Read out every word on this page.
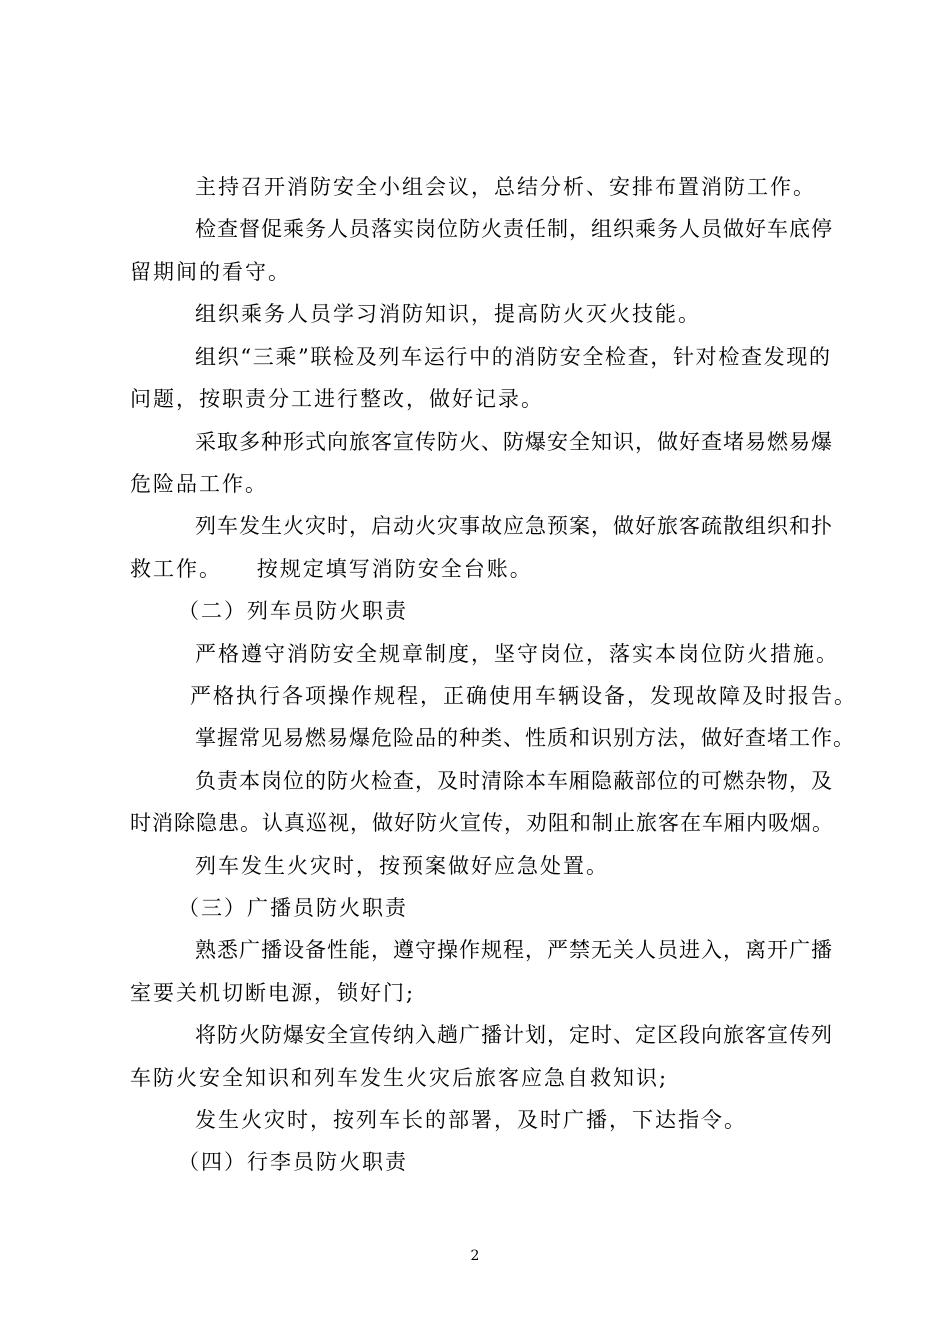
主持召开消防安全小组会议，总结分析、安排布置消防工作。
检查督促乘务人员落实岗位防火责任制，组织乘务人员做好车底停
留期间的看守。
组织乘务人员学习消防知识，提高防火灭火技能。
组织“三乘”联检及列车运行中的消防安全检查，针对检查发现的
问题，按职责分工进行整改，做好记录。
采取多种形式向旅客宣传防火、防爆安全知识，做好查堵易燃易爆
危险品工作。
列车发生火灾时，启动火灾事故应急预案，做好旅客疏散组织和扑
救工作。    按规定填写消防安全台账。
（二）列车员防火职责
严格遵守消防安全规章制度，坚守岗位，落实本岗位防火措施。
严格执行各项操作规程，正确使用车辆设备，发现故障及时报告。
掌握常见易燃易爆危险品的种类、性质和识别方法，做好查堵工作。
负责本岗位的防火检查，及时清除本车厢隐蔽部位的可燃杂物，及
时消除隐患。认真巡视，做好防火宣传，劝阻和制止旅客在车厢内吸烟。
列车发生火灾时，按预案做好应急处置。
（三）广播员防火职责
熟悉广播设备性能，遵守操作规程，严禁无关人员进入，离开广播
室要关机切断电源，锁好门;
将防火防爆安全宣传纳入趟广播计划，定时、定区段向旅客宣传列
车防火安全知识和列车发生火灾后旅客应急自救知识;
发生火灾时，按列车长的部署，及时广播，下达指令。
（四）行李员防火职责
2
